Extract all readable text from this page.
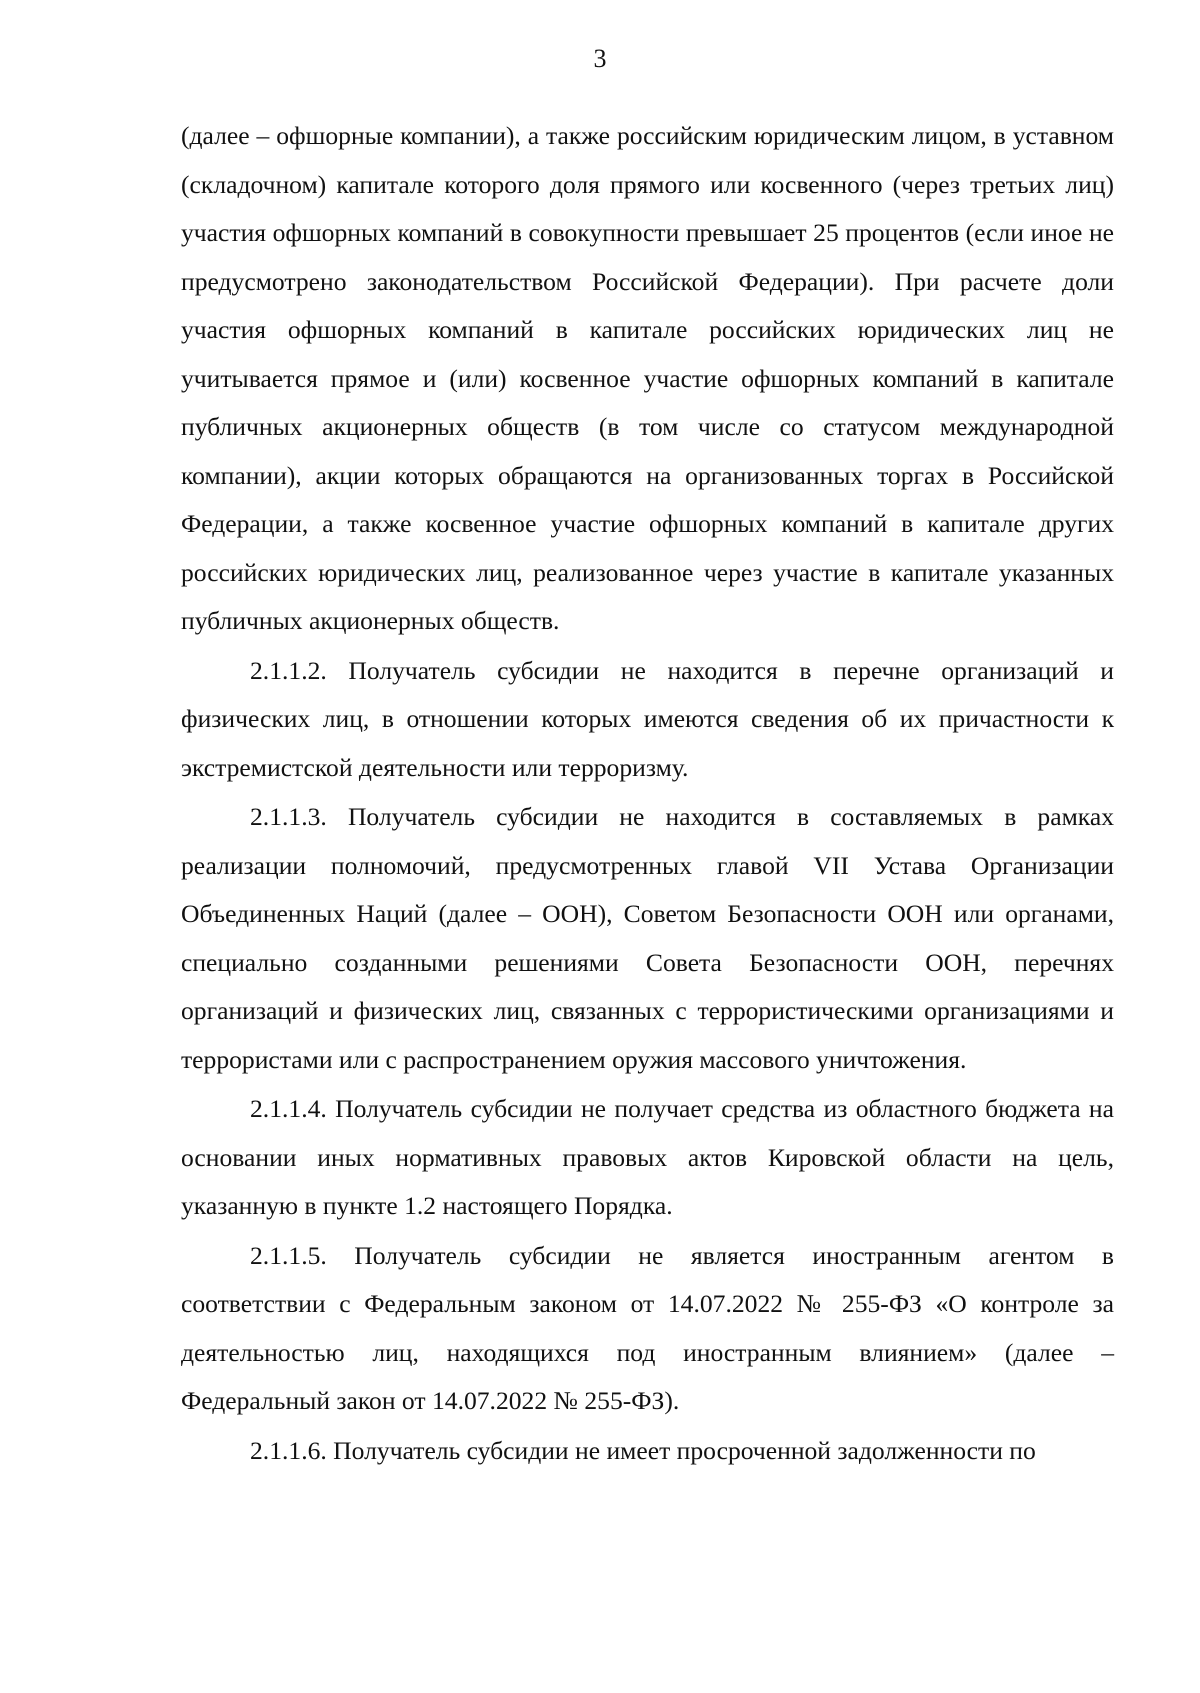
3

(далее – офшорные компании), а также российским юридическим лицом, в уставном (складочном) капитале которого доля прямого или косвенного (через третьих лиц) участия офшорных компаний в совокупности превышает 25 процентов (если иное не предусмотрено законодательством Российской Федерации). При расчете доли участия офшорных компаний в капитале российских юридических лиц не учитывается прямое и (или) косвенное участие офшорных компаний в капитале публичных акционерных обществ (в том числе со статусом международной компании), акции которых обращаются на организованных торгах в Российской Федерации, а также косвенное участие офшорных компаний в капитале других российских юридических лиц, реализованное через участие в капитале указанных публичных акционерных обществ.

2.1.1.2. Получатель субсидии не находится в перечне организаций и физических лиц, в отношении которых имеются сведения об их причастности к экстремистской деятельности или терроризму.

2.1.1.3. Получатель субсидии не находится в составляемых в рамках реализации полномочий, предусмотренных главой VII Устава Организации Объединенных Наций (далее – ООН), Советом Безопасности ООН или органами, специально созданными решениями Совета Безопасности ООН, перечнях организаций и физических лиц, связанных с террористическими организациями и террористами или с распространением оружия массового уничтожения.

2.1.1.4. Получатель субсидии не получает средства из областного бюджета на основании иных нормативных правовых актов Кировской области на цель, указанную в пункте 1.2 настоящего Порядка.

2.1.1.5. Получатель субсидии не является иностранным агентом в соответствии с Федеральным законом от 14.07.2022 № 255-ФЗ «О контроле за деятельностью лиц, находящихся под иностранным влиянием» (далее – Федеральный закон от 14.07.2022 № 255-ФЗ).

2.1.1.6. Получатель субсидии не имеет просроченной задолженности по
